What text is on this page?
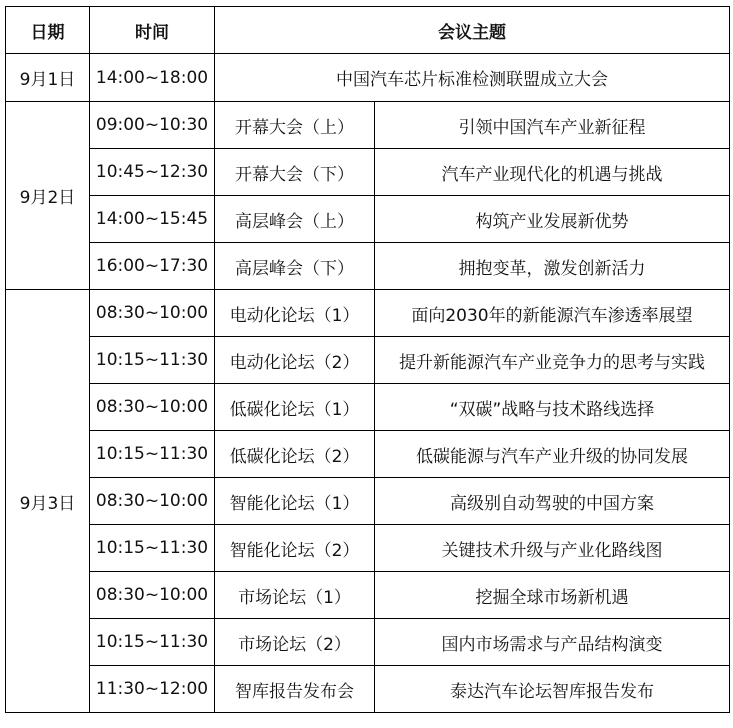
日期	时间	会议主题	
9月1日	14:00~18:00	中国汽车芯片标准检测联盟成立大会	
9月2日	09:00~10:30	开幕大会（上）	引领中国汽车产业新征程
	10:45~12:30	开幕大会（下）	汽车产业现代化的机遇与挑战
	14:00~15:45	高层峰会（上）	构筑产业发展新优势
	16:00~17:30	高层峰会（下）	拥抱变革，激发创新活力
9月3日	08:30~10:00	电动化论坛（1）	面向2030年的新能源汽车渗透率展望
	10:15~11:30	电动化论坛（2）	提升新能源汽车产业竞争力的思考与实践
	08:30~10:00	低碳化论坛（1）	“双碳”战略与技术路线选择
	10:15~11:30	低碳化论坛（2）	低碳能源与汽车产业升级的协同发展
	08:30~10:00	智能化论坛（1）	高级别自动驾驶的中国方案
	10:15~11:30	智能化论坛（2）	关键技术升级与产业化路线图
	08:30~10:00	市场论坛（1）	挖掘全球市场新机遇
	10:15~11:30	市场论坛（2）	国内市场需求与产品结构演变
	11:30~12:00	智库报告发布会	泰达汽车论坛智库报告发布
